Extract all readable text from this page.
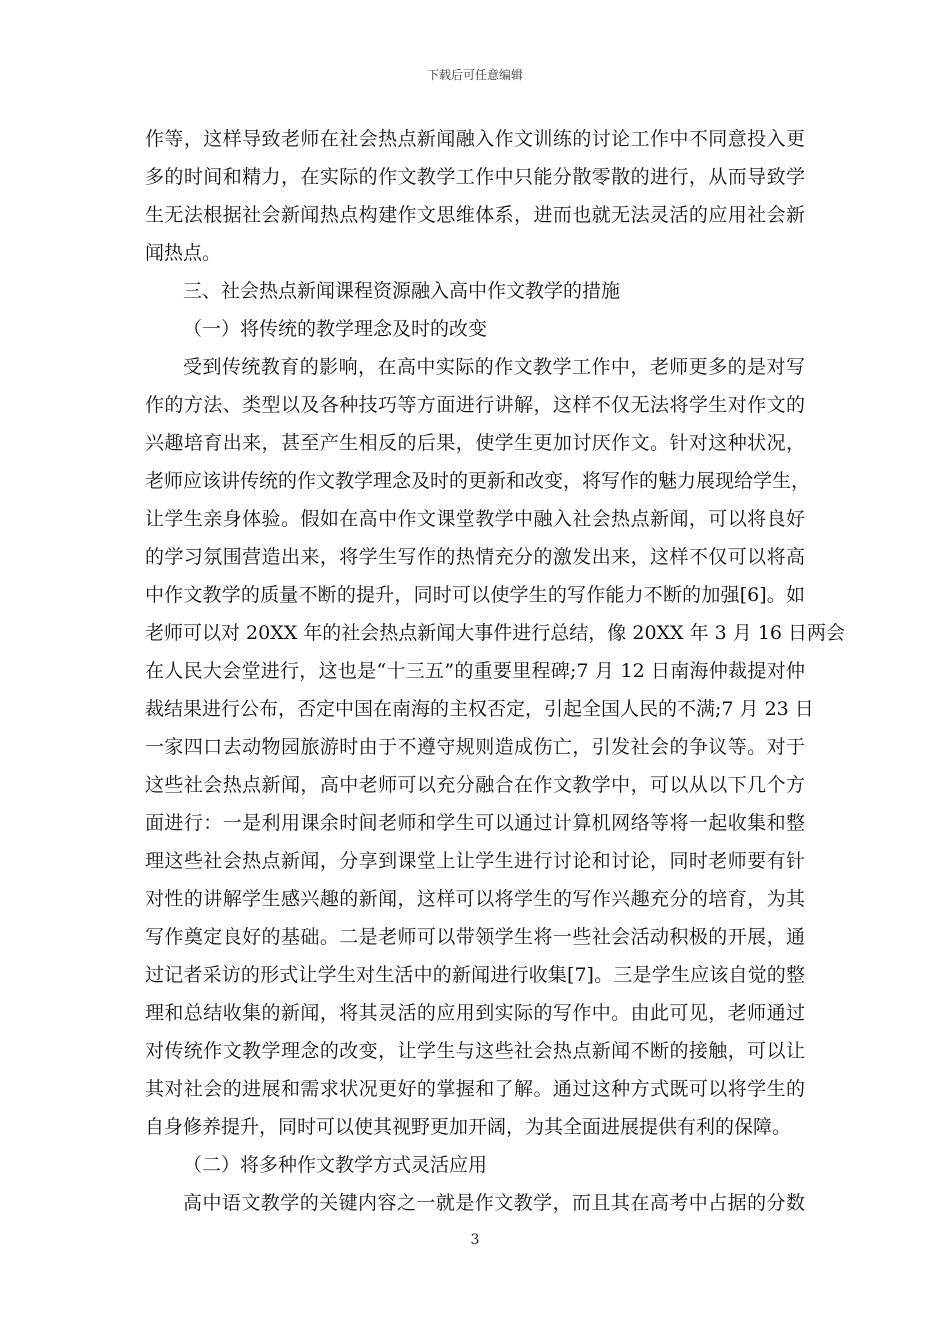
下载后可任意编辑
作等，这样导致老师在社会热点新闻融入作文训练的讨论工作中不同意投入更
多的时间和精力，在实际的作文教学工作中只能分散零散的进行，从而导致学
生无法根据社会新闻热点构建作文思维体系，进而也就无法灵活的应用社会新
闻热点。
三、社会热点新闻课程资源融入高中作文教学的措施
（一）将传统的教学理念及时的改变
受到传统教育的影响，在高中实际的作文教学工作中，老师更多的是对写
作的方法、类型以及各种技巧等方面进行讲解，这样不仅无法将学生对作文的
兴趣培育出来，甚至产生相反的后果，使学生更加讨厌作文。针对这种状况，
老师应该讲传统的作文教学理念及时的更新和改变，将写作的魅力展现给学生，
让学生亲身体验。假如在高中作文课堂教学中融入社会热点新闻，可以将良好
的学习氛围营造出来，将学生写作的热情充分的激发出来，这样不仅可以将高
中作文教学的质量不断的提升，同时可以使学生的写作能力不断的加强[6]。如
老师可以对 20XX 年的社会热点新闻大事件进行总结，像 20XX 年 3 月 16 日两会
在人民大会堂进行，这也是“十三五”的重要里程碑;7 月 12 日南海仲裁提对仲
裁结果进行公布，否定中国在南海的主权否定，引起全国人民的不满;7 月 23 日
一家四口去动物园旅游时由于不遵守规则造成伤亡，引发社会的争议等。对于
这些社会热点新闻，高中老师可以充分融合在作文教学中，可以从以下几个方
面进行：一是利用课余时间老师和学生可以通过计算机网络等将一起收集和整
理这些社会热点新闻，分享到课堂上让学生进行讨论和讨论，同时老师要有针
对性的讲解学生感兴趣的新闻，这样可以将学生的写作兴趣充分的培育，为其
写作奠定良好的基础。二是老师可以带领学生将一些社会活动积极的开展，通
过记者采访的形式让学生对生活中的新闻进行收集[7]。三是学生应该自觉的整
理和总结收集的新闻，将其灵活的应用到实际的写作中。由此可见，老师通过
对传统作文教学理念的改变，让学生与这些社会热点新闻不断的接触，可以让
其对社会的进展和需求状况更好的掌握和了解。通过这种方式既可以将学生的
自身修养提升，同时可以使其视野更加开阔，为其全面进展提供有利的保障。
（二）将多种作文教学方式灵活应用
高中语文教学的关键内容之一就是作文教学，而且其在高考中占据的分数
3
